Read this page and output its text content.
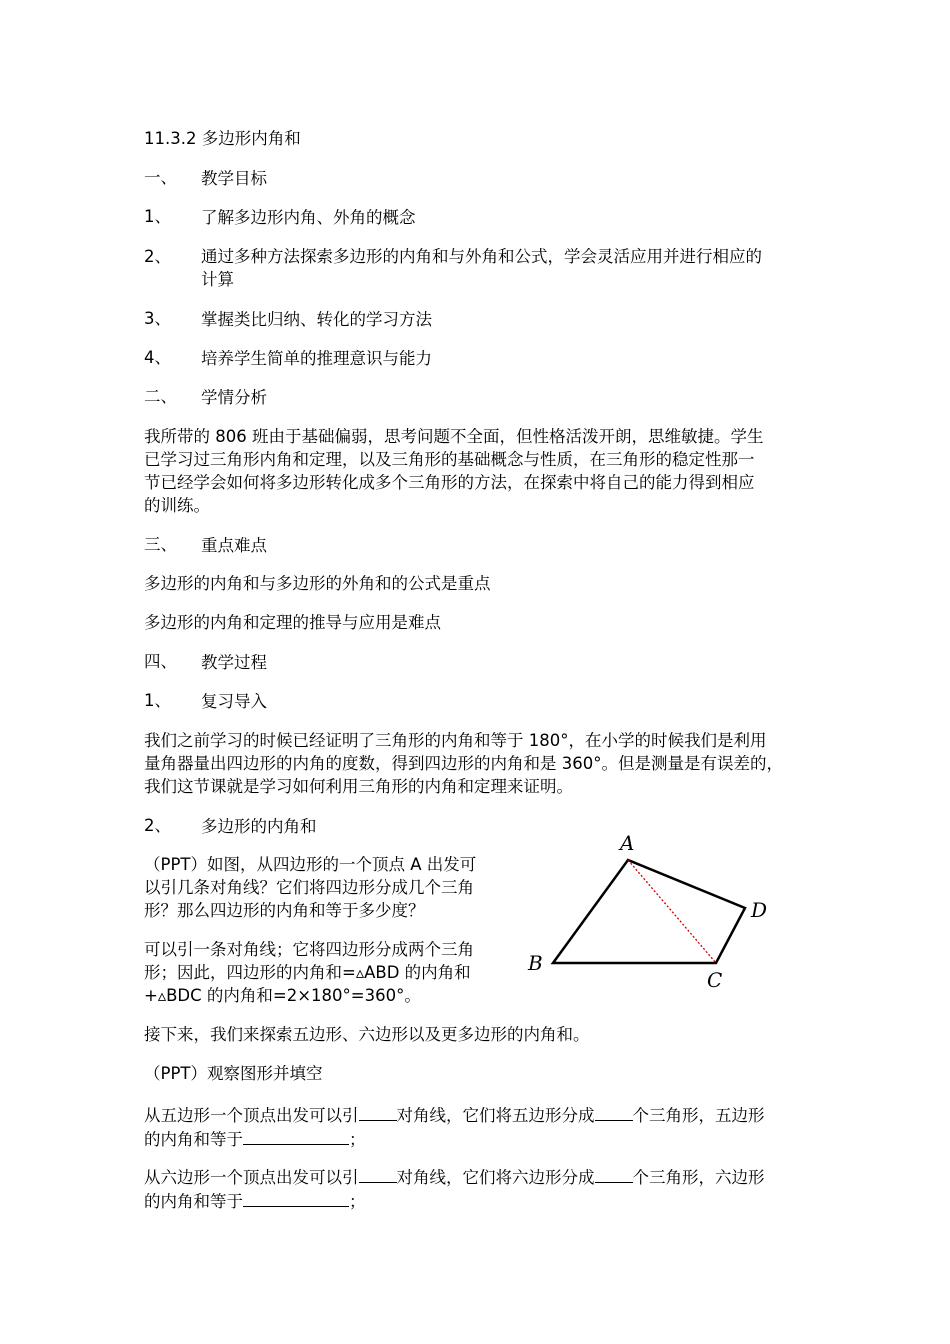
11.3.2 多边形内角和
一、 教学目标
1、 了解多边形内角、外角的概念
2、 通过多种方法探索多边形的内角和与外角和公式，学会灵活应用并进行相应的
计算
3、 掌握类比归纳、转化的学习方法
4、 培养学生简单的推理意识与能力
二、 学情分析
我所带的 806 班由于基础偏弱，思考问题不全面，但性格活泼开朗，思维敏捷。学生
已学习过三角形内角和定理，以及三角形的基础概念与性质，在三角形的稳定性那一
节已经学会如何将多边形转化成多个三角形的方法，在探索中将自己的能力得到相应
的训练。
三、 重点难点
多边形的内角和与多边形的外角和的公式是重点
多边形的内角和定理的推导与应用是难点
四、 教学过程
1、 复习导入
我们之前学习的时候已经证明了三角形的内角和等于 180°，在小学的时候我们是利用
量角器量出四边形的内角的度数，得到四边形的内角和是 360°。但是测量是有误差的，
我们这节课就是学习如何利用三角形的内角和定理来证明。
2、 多边形的内角和
（PPT）如图，从四边形的一个顶点 A 出发可
以引几条对角线？它们将四边形分成几个三角
形？那么四边形的内角和等于多少度？
可以引一条对角线；它将四边形分成两个三角
形；因此，四边形的内角和=▵ABD 的内角和
+▵BDC 的内角和=2×180°=360°。
A
B
C
D
接下来，我们来探索五边形、六边形以及更多边形的内角和。
（PPT）观察图形并填空
从五边形一个顶点出发可以引 对角线，它们将五边形分成 个三角形，五边形
的内角和等于	；
从六边形一个顶点出发可以引 对角线，它们将六边形分成 个三角形，六边形
的内角和等于	；
